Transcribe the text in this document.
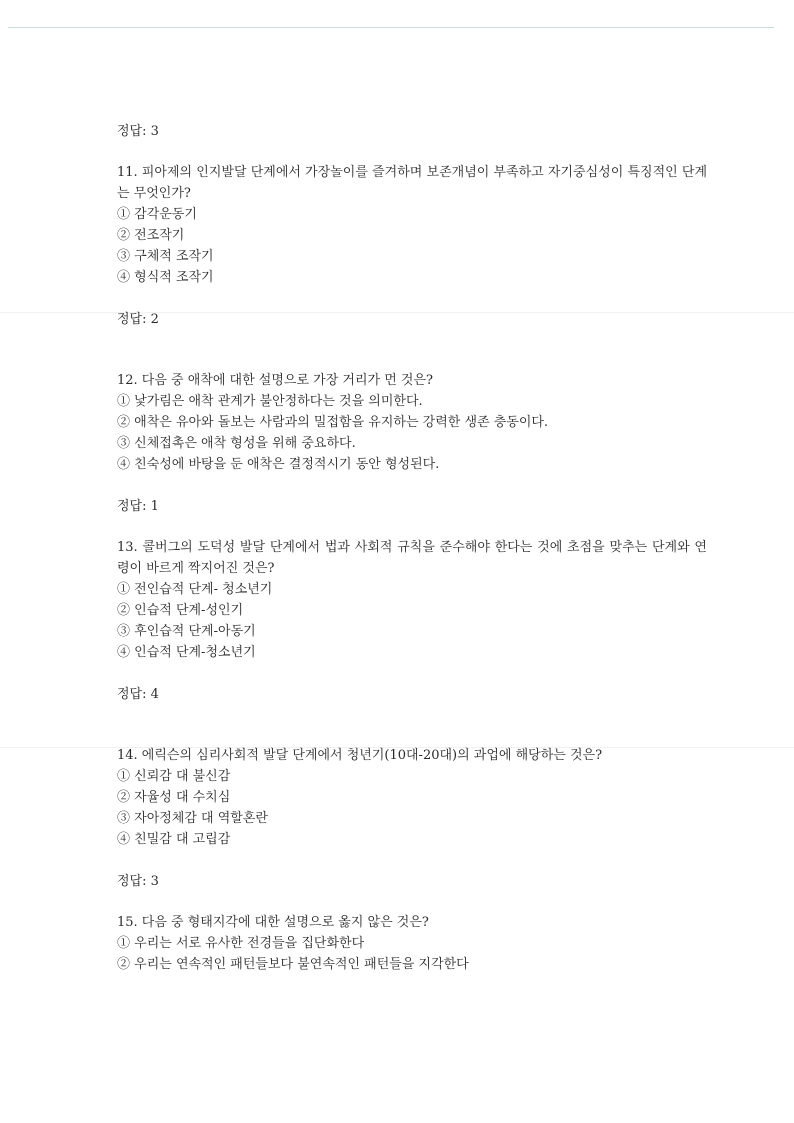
정답: 3
11. 피아제의 인지발달 단계에서 가장놀이를 즐겨하며 보존개념이 부족하고 자기중심성이 특징적인 단계는 무엇인가?
① 감각운동기
② 전조작기
③ 구체적 조작기
④ 형식적 조작기
정답: 2
12. 다음 중 애착에 대한 설명으로 가장 거리가 먼 것은?
① 낯가림은 애착 관계가 불안정하다는 것을 의미한다.
② 애착은 유아와 돌보는 사람과의 밀접함을 유지하는 강력한 생존 충동이다.
③ 신체접촉은 애착 형성을 위해 중요하다.
④ 친숙성에 바탕을 둔 애착은 결정적시기 동안 형성된다.
정답: 1
13. 콜버그의 도덕성 발달 단계에서 법과 사회적 규칙을 준수해야 한다는 것에 초점을 맞추는 단계와 연령이 바르게 짝지어진 것은?
① 전인습적 단계- 청소년기
② 인습적 단계-성인기
③ 후인습적 단계-아동기
④ 인습적 단계-청소년기
정답: 4
14. 에릭슨의 심리사회적 발달 단계에서 청년기(10대-20대)의 과업에 해당하는 것은?
① 신뢰감 대 불신감
② 자율성 대 수치심
③ 자아정체감 대 역할혼란
④ 친밀감 대 고립감
정답: 3
15. 다음 중 형태지각에 대한 설명으로 옳지 않은 것은?
① 우리는 서로 유사한 전경들을 집단화한다
② 우리는 연속적인 패턴들보다 불연속적인 패턴들을 지각한다
